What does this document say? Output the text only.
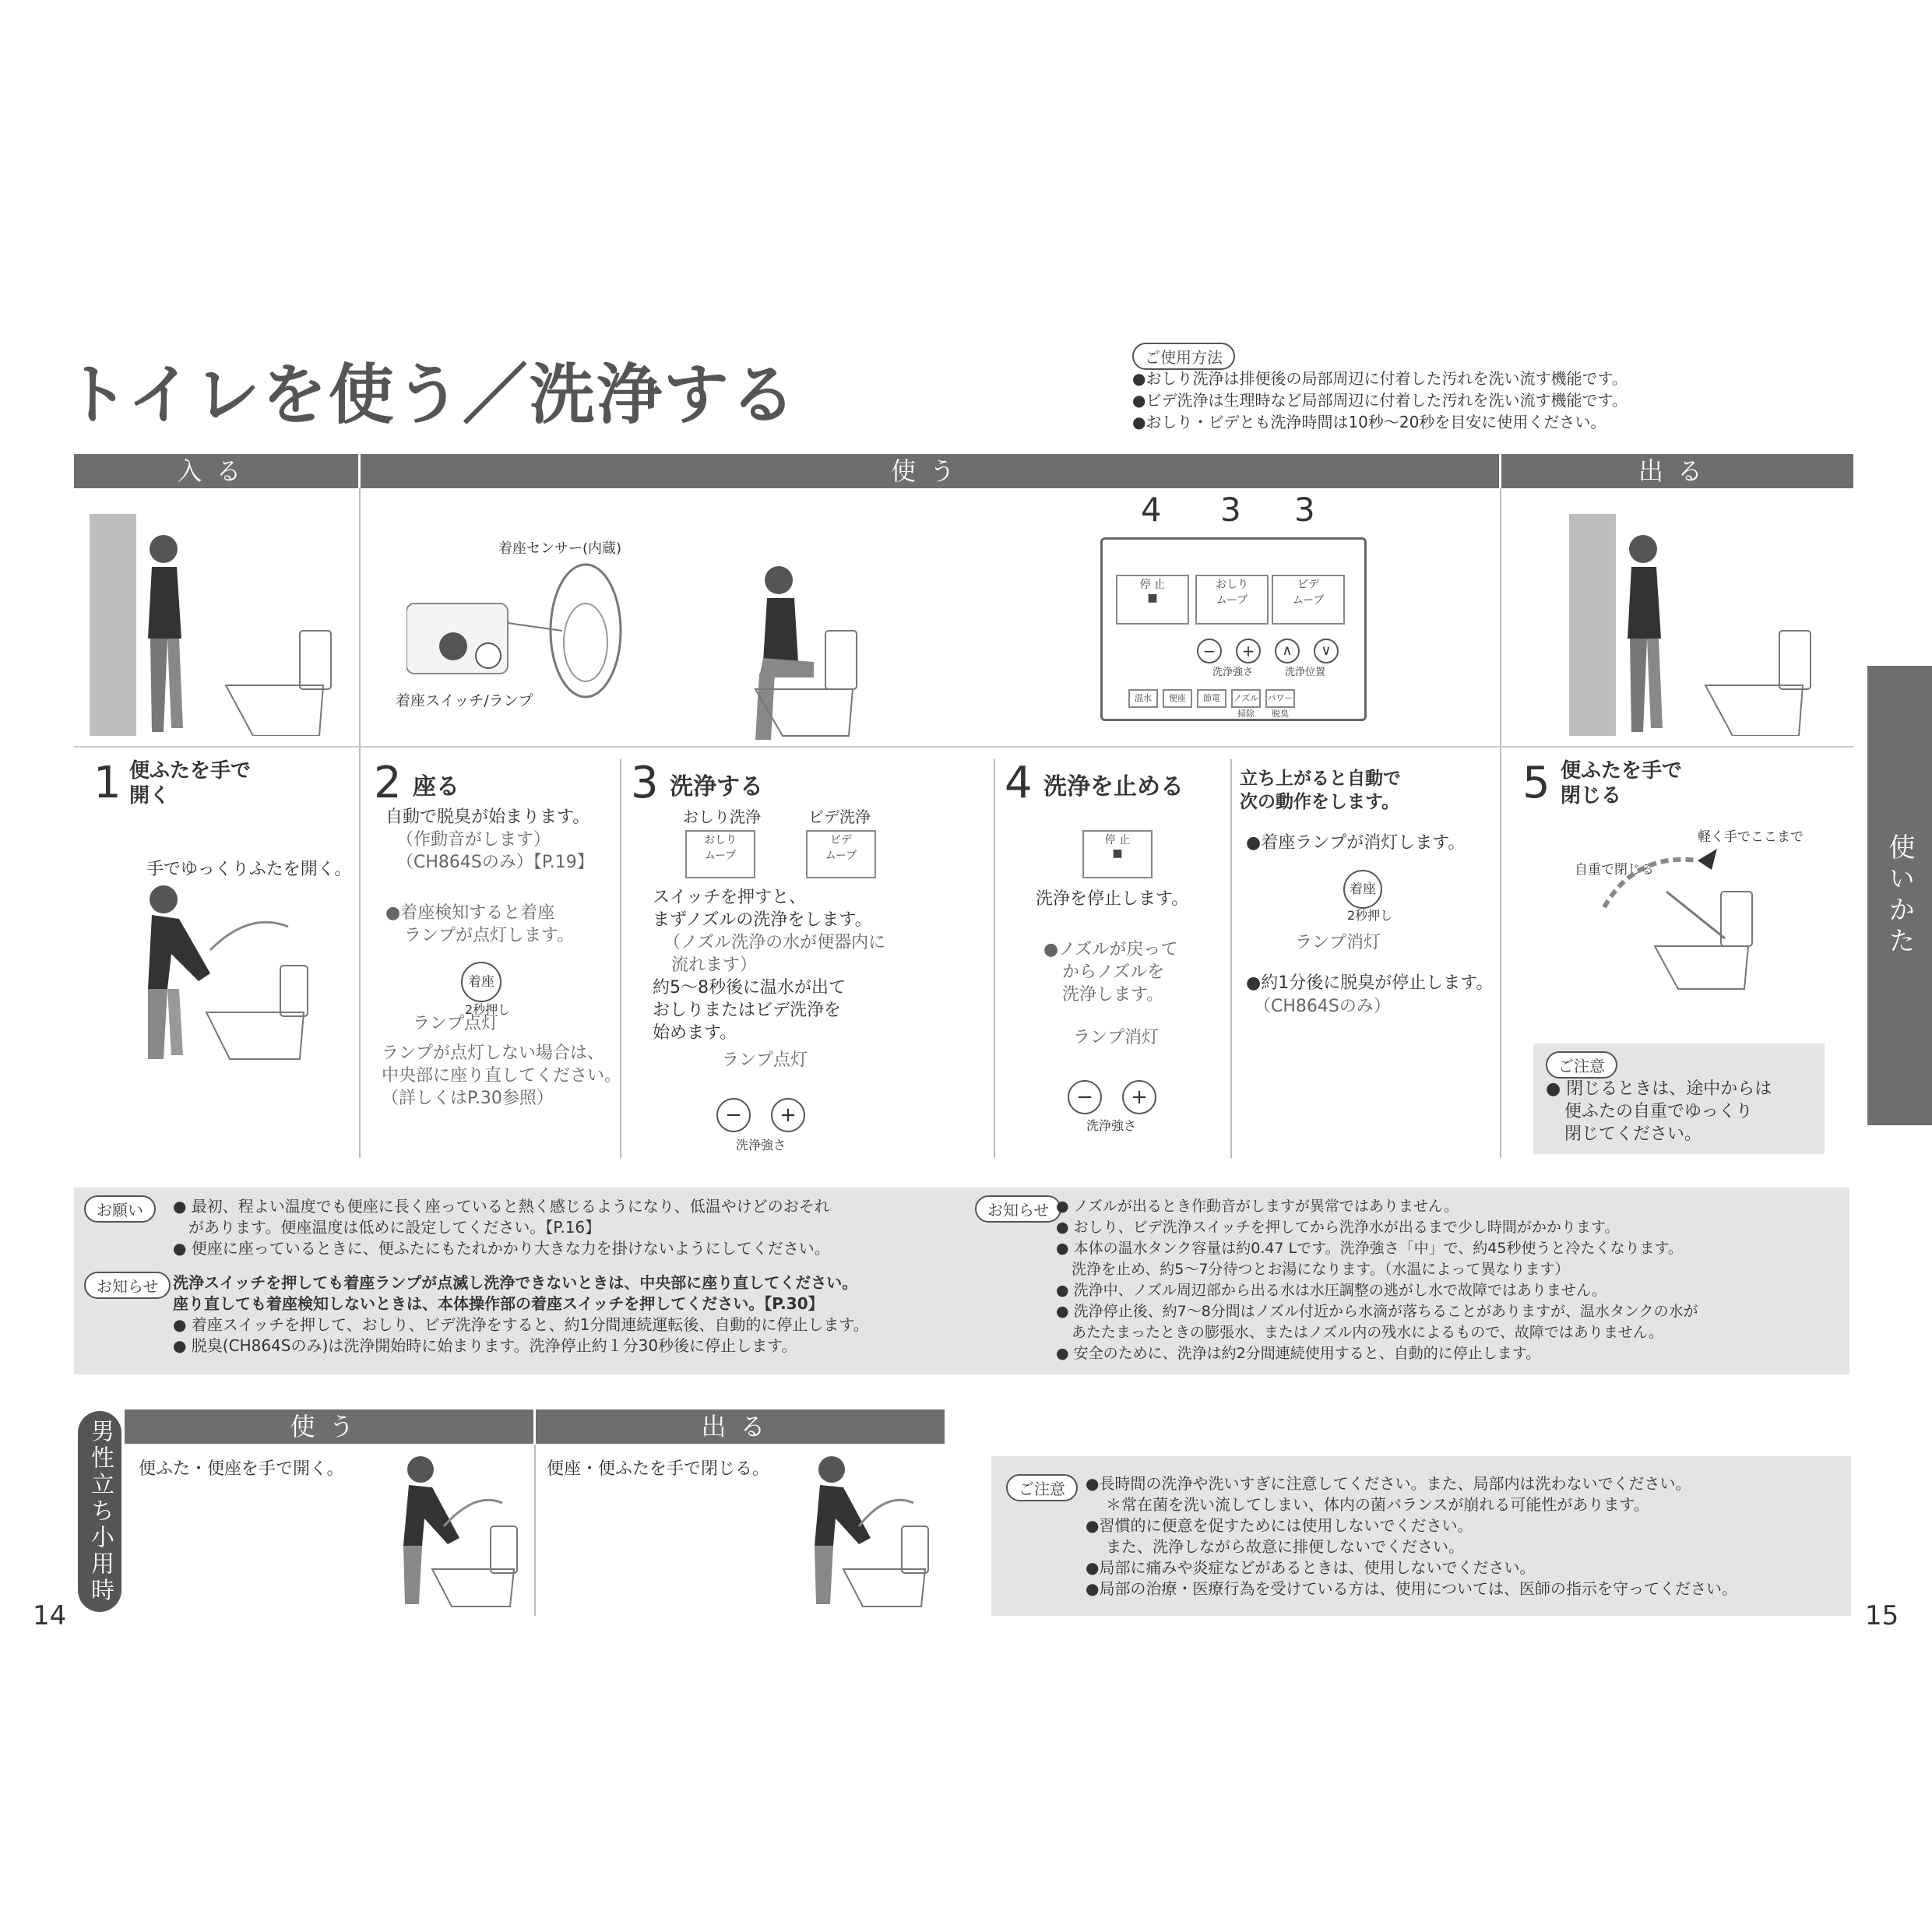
トイレを使う／洗浄する	ご使用方法
●おしり洗浄は排便後の局部周辺に付着した汚れを洗い流す機能です。
●ビデ洗浄は生理時など局部周辺に付着した汚れを洗い流す機能です。
●おしり・ビデとも洗浄時間は10秒〜20秒を目安に使用ください。
入る	使う	出る
着座センサー(内蔵)
着座スイッチ/ランプ
4 3 3
停 止
■
おしり
ムーブ
ビデ
ムーブ
−	+	∧	∨
洗浄強さ	洗浄位置
温水	便座	節電	ノズル掃除
パワー脱臭
1 便ふたを手で
開く
手でゆっくりふたを開く。
2 座る
自動で脱臭が始まります。
（作動音がします）
（CH864Sのみ）【P.19】
●着座検知すると着座
ランプが点灯します。
着座
2秒押し
ランプ点灯
ランプが点灯しない場合は、
中央部に座り直してください。
（詳しくはP.30参照）
3 洗浄する
おしり洗浄	ビデ洗浄
おしり
ムーブ
ビデ
ムーブ
スイッチを押すと、
まずノズルの洗浄をします。
（ノズル洗浄の水が便器内に
流れます）
約5〜8秒後に温水が出て
おしりまたはビデ洗浄を
始めます。
ランプ点灯
−	+
洗浄強さ
4 洗浄を止める
停 止
■
洗浄を停止します。
●ノズルが戻って
からノズルを
洗浄します。
ランプ消灯
−	+
洗浄強さ
立ち上がると自動で
次の動作をします。
●着座ランプが消灯します。
着座
2秒押し
ランプ消灯
●約1分後に脱臭が停止します。
（CH864Sのみ）
5 便ふたを手で
閉じる
軽く手でここまで
自重で閉じる
ご注意
● 閉じるときは、途中からは
便ふたの自重でゆっくり
閉じてください。
使いかた
お願い	● 最初、程よい温度でも便座に長く座っていると熱く感じるようになり、低温やけどのおそれ
があります。便座温度は低めに設定してください。【P.16】
● 便座に座っているときに、便ふたにもたれかかり大きな力を掛けないようにしてください。
お知らせ 洗浄スイッチを押しても着座ランプが点滅し洗浄できないときは、中央部に座り直してください。
座り直しても着座検知しないときは、本体操作部の着座スイッチを押してください。【P.30】
● 着座スイッチを押して、おしり、ビデ洗浄をすると、約1分間連続運転後、自動的に停止します。
● 脱臭(CH864Sのみ)は洗浄開始時に始まります。洗浄停止約１分30秒後に停止します。
お知らせ ● ノズルが出るとき作動音がしますが異常ではありません。
● おしり、ビデ洗浄スイッチを押してから洗浄水が出るまで少し時間がかかります。
● 本体の温水タンク容量は約0.47 Lです。洗浄強さ「中」で、約45秒使うと冷たくなります。
洗浄を止め、約5〜7分待つとお湯になります。（水温によって異なります）
● 洗浄中、ノズル周辺部から出る水は水圧調整の逃がし水で故障ではありません。
● 洗浄停止後、約7〜8分間はノズル付近から水滴が落ちることがありますが、温水タンクの水が
あたたまったときの膨張水、またはノズル内の残水によるもので、故障ではありません。
● 安全のために、洗浄は約2分間連続使用すると、自動的に停止します。
男性立ち小用時	使う	出る
便ふた・便座を手で開く。	便座・便ふたを手で閉じる。
ご注意	●長時間の洗浄や洗いすぎに注意してください。また、局部内は洗わないでください。
＊常在菌を洗い流してしまい、体内の菌バランスが崩れる可能性があります。
●習慣的に便意を促すためには使用しないでください。
また、洗浄しながら故意に排便しないでください。
●局部に痛みや炎症などがあるときは、使用しないでください。
●局部の治療・医療行為を受けている方は、使用については、医師の指示を守ってください。
14	15
